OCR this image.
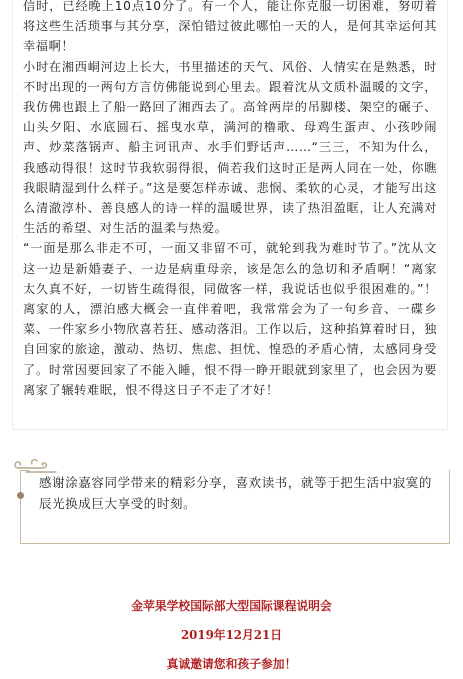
信时，已经晚上10点10分了。有一个人，能让你克服一切困难，努叨着将这些生活琐事与其分享，深怕错过彼此哪怕一天的人，是何其幸运何其幸福啊！

小时在湘西峒河边上长大，书里描述的天气、风俗、人情实在是熟悉，时不时出现的一两句方言仿佛能说到心里去。跟着沈从文质朴温暖的文字，我仿佛也跟上了船一路回了湘西去了。高耸两岸的吊脚楼、架空的碾子、山头夕阳、水底圆石、摇曳水草，满河的橹歌、母鸡生蛋声、小孩吵闹声、炒菜落锅声、船主诃讯声、水手们野话声……“三三，不知为什么，我感动得很！这时节我软弱得很，倘若我们这时正是两人同在一处，你瞧我眼睛湿到什么样子。”这是要怎样赤诚、悲悯、柔软的心灵，才能写出这么清澈淳朴、善良感人的诗一样的温暖世界，读了热泪盈眶，让人充满对生活的希望、对生活的温柔与热爱。

“一面是那么非走不可，一面又非留不可，就轮到我为难时节了。”沈从文这一边是新婚妻子、一边是病重母亲，该是怎么的急切和矛盾啊！“离家太久真不好，一切皆生疏得很，同做客一样，我说话也似乎很困难的。”！离家的人，漂泊感大概会一直伴着吧，我常常会为了一句乡音、一碟乡菜、一件家乡小物欣喜若狂、感动落泪。工作以后，这种掐算着时日，独自回家的旅途，激动、热切、焦虑、担忧、惶恐的矛盾心情，太感同身受了。时常因要回家了不能入睡，恨不得一睁开眼就到家里了，也会因为要离家了辗转难眠，恨不得这日子不走了才好！

感谢涂嘉容同学带来的精彩分享，喜欢读书，就等于把生活中寂寞的辰光换成巨大享受的时刻。
金苹果学校国际部大型国际课程说明会
2019年12月21日
真诚邀请您和孩子参加！
